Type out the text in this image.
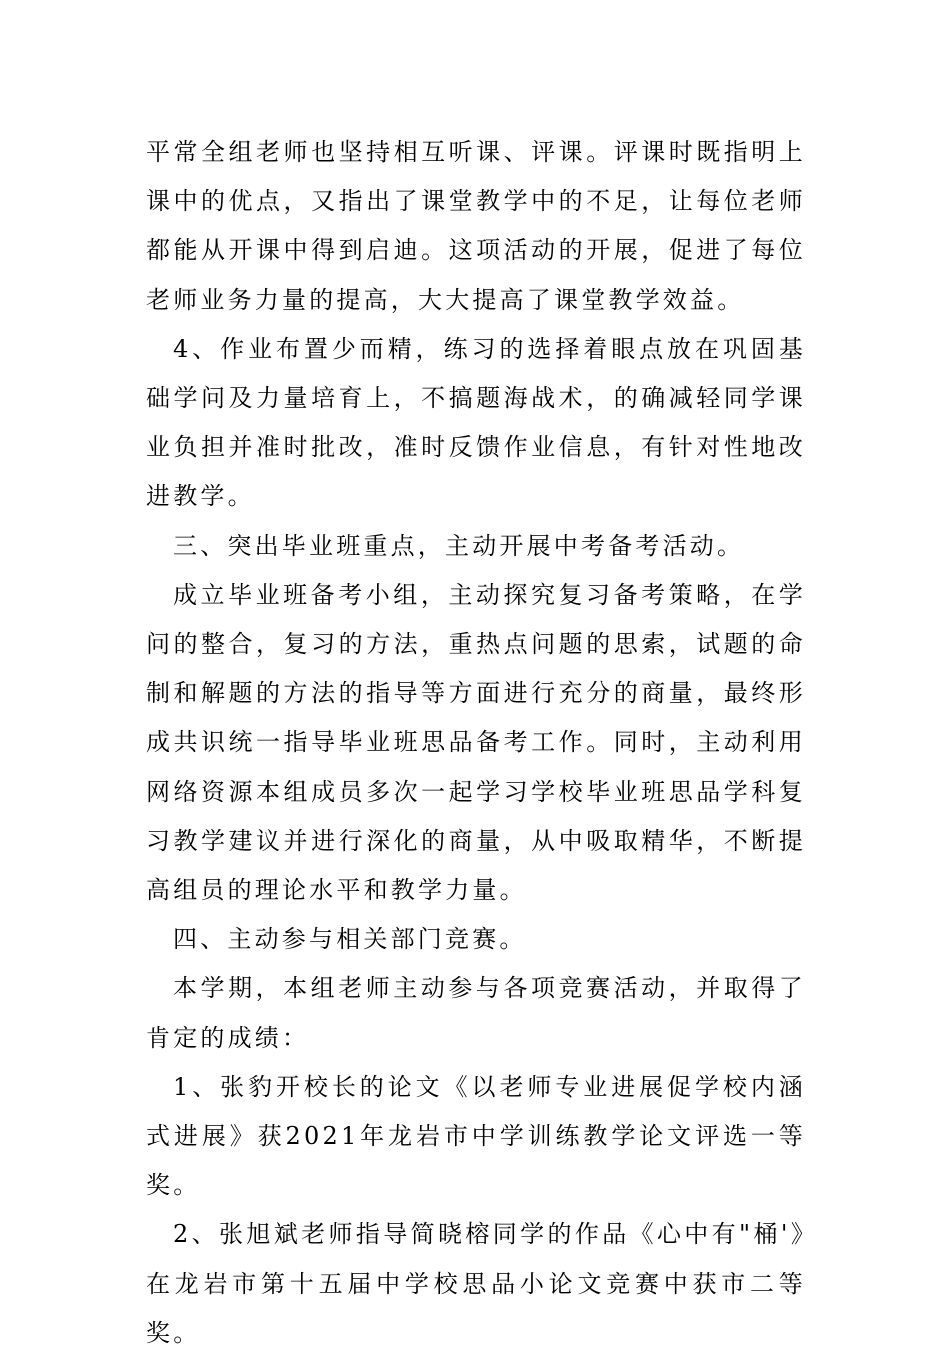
平常全组老师也坚持相互听课、评课。评课时既指明上课中的优点，又指出了课堂教学中的不足，让每位老师都能从开课中得到启迪。这项活动的开展，促进了每位老师业务力量的提高，大大提高了课堂教学效益。

4、作业布置少而精，练习的选择着眼点放在巩固基础学问及力量培育上，不搞题海战术，的确减轻同学课业负担并准时批改，准时反馈作业信息，有针对性地改进教学。

三、突出毕业班重点，主动开展中考备考活动。

成立毕业班备考小组，主动探究复习备考策略，在学问的整合，复习的方法，重热点问题的思索，试题的命制和解题的方法的指导等方面进行充分的商量，最终形成共识统一指导毕业班思品备考工作。同时，主动利用网络资源本组成员多次一起学习学校毕业班思品学科复习教学建议并进行深化的商量，从中吸取精华，不断提高组员的理论水平和教学力量。

四、主动参与相关部门竞赛。

本学期，本组老师主动参与各项竞赛活动，并取得了肯定的成绩：

1、张豹开校长的论文《以老师专业进展促学校内涵式进展》获2021年龙岩市中学训练教学论文评选一等奖。

2、张旭斌老师指导简晓榕同学的作品《心中有"桶'》在龙岩市第十五届中学校思品小论文竞赛中获市二等奖。
